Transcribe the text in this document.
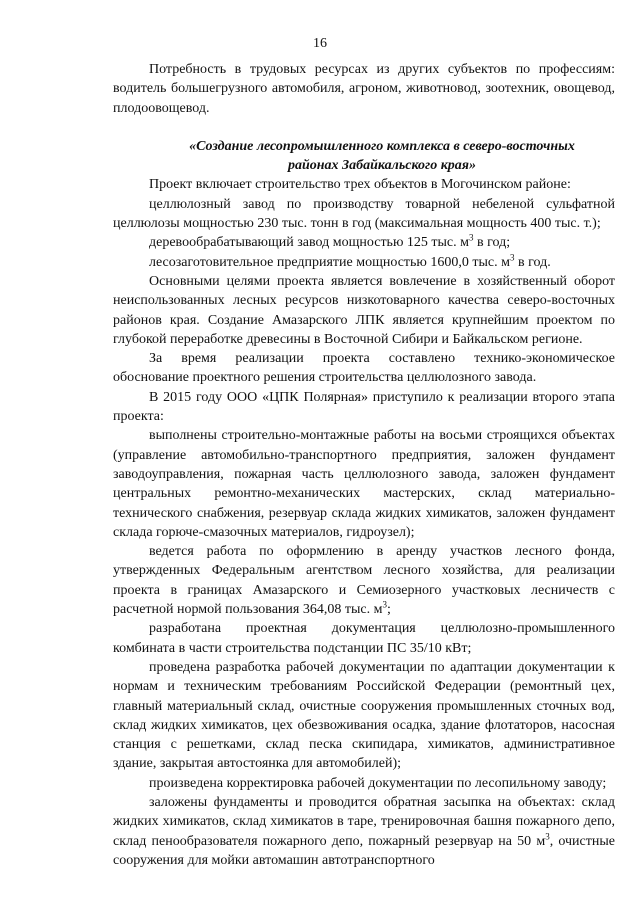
16

Потребность в трудовых ресурсах из других субъектов по профессиям: водитель большегрузного автомобиля, агроном, животновод, зоотехник, овощевод, плодоовощевод.

«Создание лесопромышленного комплекса в северо-восточных
районах Забайкальского края»

Проект включает строительство трех объектов в Могочинском районе:

целлюлозный завод по производству товарной небеленой сульфатной целлюлозы мощностью 230 тыс. тонн в год (максимальная мощность 400 тыс. т.);

деревообрабатывающий завод мощностью 125 тыс. $м^3$ в год;

лесозаготовительное предприятие мощностью 1600,0 тыс. $м^3$ в год.

Основными целями проекта является вовлечение в хозяйственный оборот неиспользованных лесных ресурсов низкотоварного качества северо-восточных районов края. Создание Амазарского ЛПК является крупнейшим проектом по глубокой переработке древесины в Восточной Сибири и Байкальском регионе.

За время реализации проекта составлено технико-экономическое обоснование проектного решения строительства целлюлозного завода.

В 2015 году ООО «ЦПК Полярная» приступило к реализации второго этапа проекта:

выполнены строительно-монтажные работы на восьми строящихся объектах (управление автомобильно-транспортного предприятия, заложен фундамент заводоуправления, пожарная часть целлюлозного завода, заложен фундамент центральных ремонтно-механических мастерских, склад материально-технического снабжения, резервуар склада жидких химикатов, заложен фундамент склада горюче-смазочных материалов, гидроузел);

ведется работа по оформлению в аренду участков лесного фонда, утвержденных Федеральным агентством лесного хозяйства, для реализации проекта в границах Амазарского и Семиозерного участковых лесничеств с расчетной нормой пользования 364,08 тыс. $м^3$;

разработана проектная документация целлюлозно-промышленного комбината в части строительства подстанции ПС 35/10 кВт;

проведена разработка рабочей документации по адаптации документации к нормам и техническим требованиям Российской Федерации (ремонтный цех, главный материальный склад, очистные сооружения промышленных сточных вод, склад жидких химикатов, цех обезвоживания осадка, здание флотаторов, насосная станция с решетками, склад песка скипидара, химикатов, административное здание, закрытая автостоянка для автомобилей);

произведена корректировка рабочей документации по лесопильному заводу;

заложены фундаменты и проводится обратная засыпка на объектах: склад жидких химикатов, склад химикатов в таре, тренировочная башня пожарного депо, склад пенообразователя пожарного депо, пожарный резервуар на 50 $м^3$, очистные сооружения для мойки автомашин автотранспортного
